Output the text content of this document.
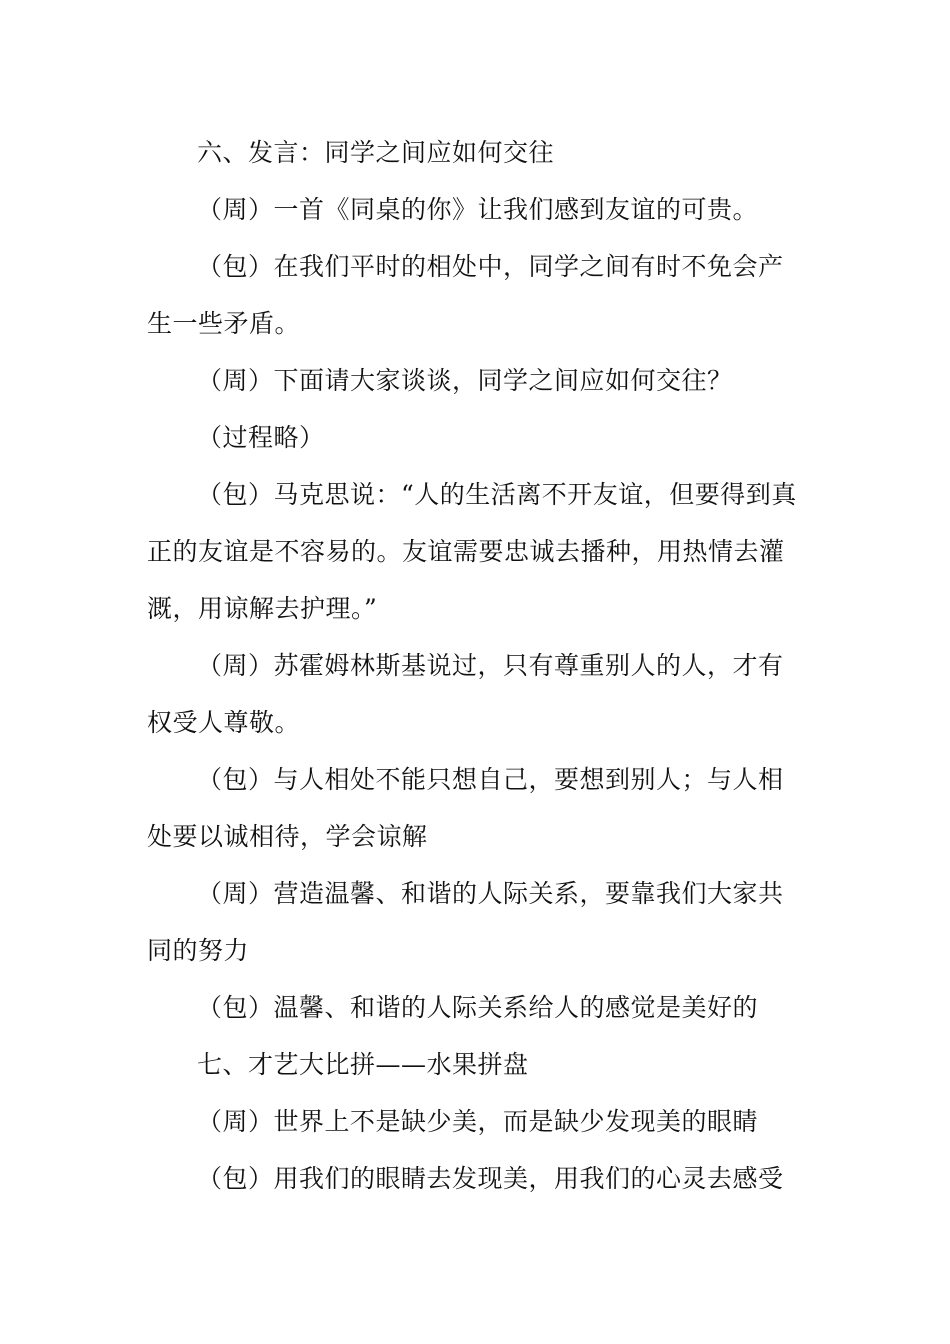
六、发言：同学之间应如何交往

（周）一首《同桌的你》让我们感到友谊的可贵。

（包）在我们平时的相处中，同学之间有时不免会产生一些矛盾。

（周）下面请大家谈谈，同学之间应如何交往？

（过程略）

（包）马克思说：“人的生活离不开友谊，但要得到真正的友谊是不容易的。友谊需要忠诚去播种，用热情去灌溉，用谅解去护理。”

（周）苏霍姆林斯基说过，只有尊重别人的人，才有权受人尊敬。

（包）与人相处不能只想自己，要想到别人；与人相处要以诚相待，学会谅解

（周）营造温馨、和谐的人际关系，要靠我们大家共同的努力

（包）温馨、和谐的人际关系给人的感觉是美好的

七、才艺大比拼——水果拼盘

（周）世界上不是缺少美，而是缺少发现美的眼睛

（包）用我们的眼睛去发现美，用我们的心灵去感受
